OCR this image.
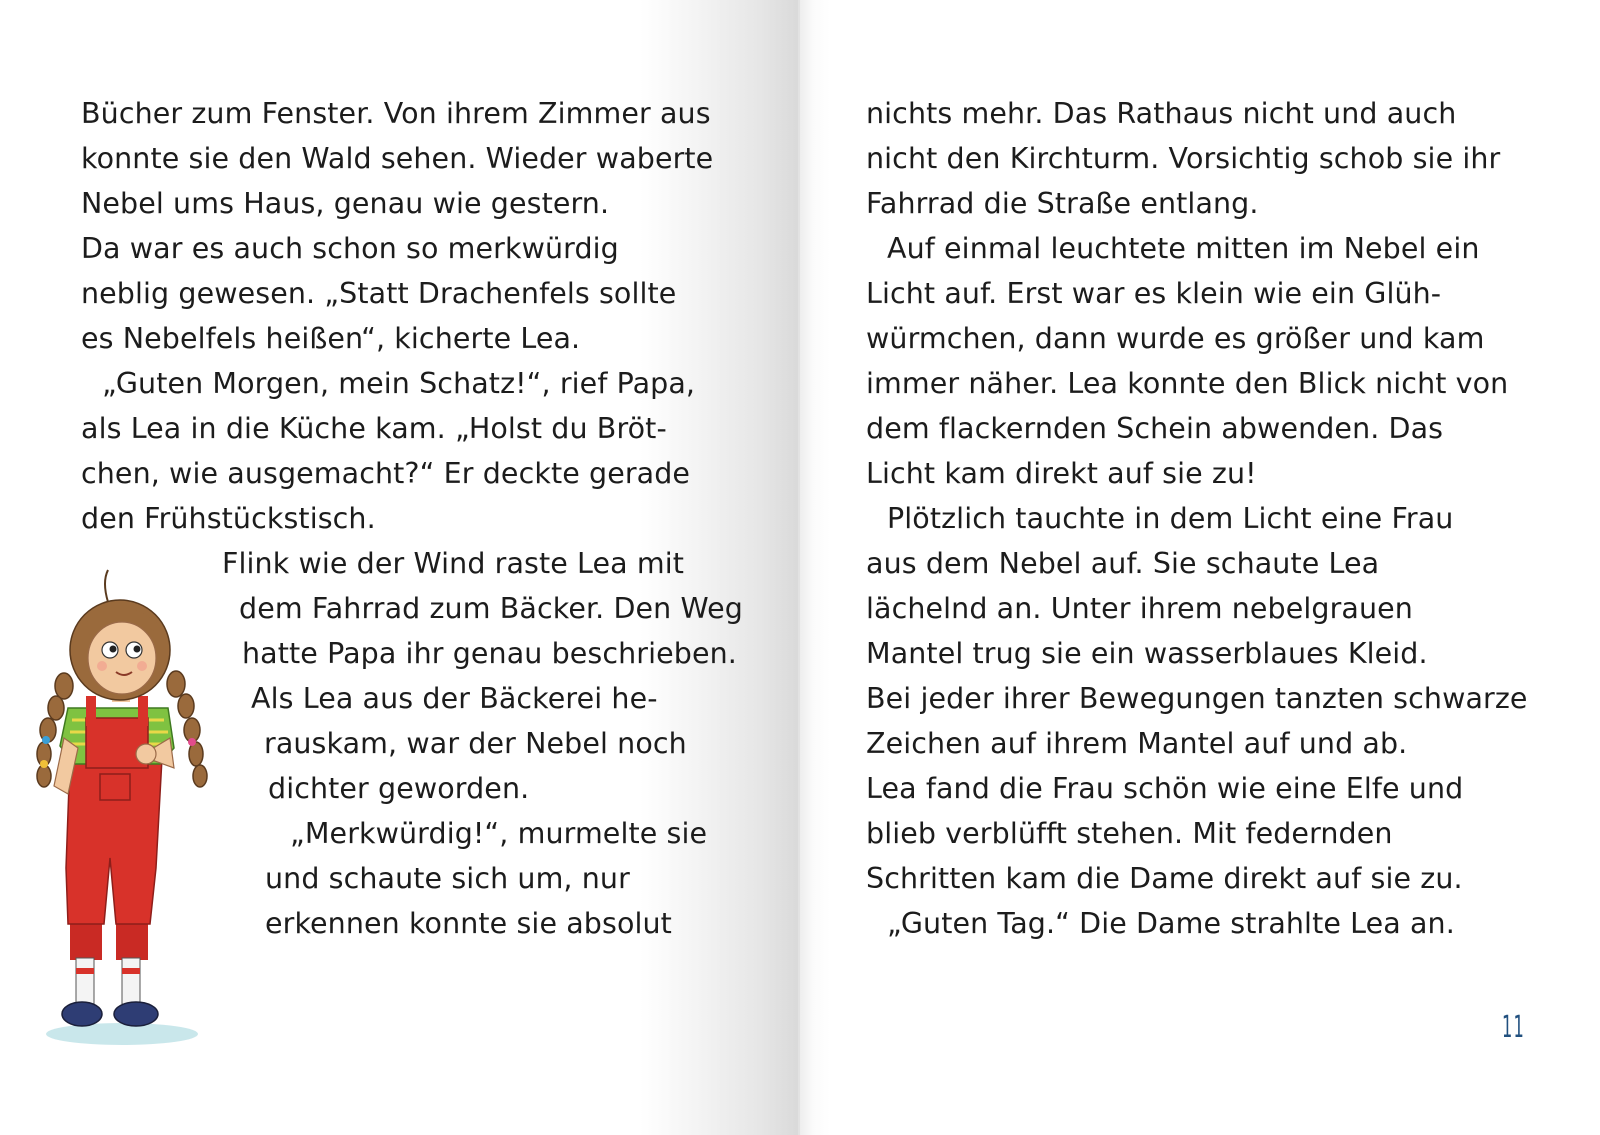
Bücher zum Fenster. Von ihrem Zimmer aus

konnte sie den Wald sehen. Wieder waberte

Nebel ums Haus, genau wie gestern.

Da war es auch schon so merkwürdig

neblig gewesen. „Statt Drachenfels sollte

es Nebelfels heißen“, kicherte Lea.

„Guten Morgen, mein Schatz!“, rief Papa,

als Lea in die Küche kam. „Holst du Bröt-

chen, wie ausgemacht?“ Er deckte gerade

den Frühstückstisch.

Flink wie der Wind raste Lea mit

dem Fahrrad zum Bäcker. Den Weg

hatte Papa ihr genau beschrieben.

Als Lea aus der Bäckerei he-

rauskam, war der Nebel noch

dichter geworden.

„Merkwürdig!“, murmelte sie

und schaute sich um, nur

erkennen konnte sie absolut

nichts mehr. Das Rathaus nicht und auch

nicht den Kirchturm. Vorsichtig schob sie ihr

Fahrrad die Straße entlang.

Auf einmal leuchtete mitten im Nebel ein

Licht auf. Erst war es klein wie ein Glüh-

würmchen, dann wurde es größer und kam

immer näher. Lea konnte den Blick nicht von

dem flackernden Schein abwenden. Das

Licht kam direkt auf sie zu!

Plötzlich tauchte in dem Licht eine Frau

aus dem Nebel auf. Sie schaute Lea

lächelnd an. Unter ihrem nebelgrauen

Mantel trug sie ein wasserblaues Kleid.

Bei jeder ihrer Bewegungen tanzten schwarze

Zeichen auf ihrem Mantel auf und ab.

Lea fand die Frau schön wie eine Elfe und

blieb verblüfft stehen. Mit federnden

Schritten kam die Dame direkt auf sie zu.

„Guten Tag.“ Die Dame strahlte Lea an.

11
